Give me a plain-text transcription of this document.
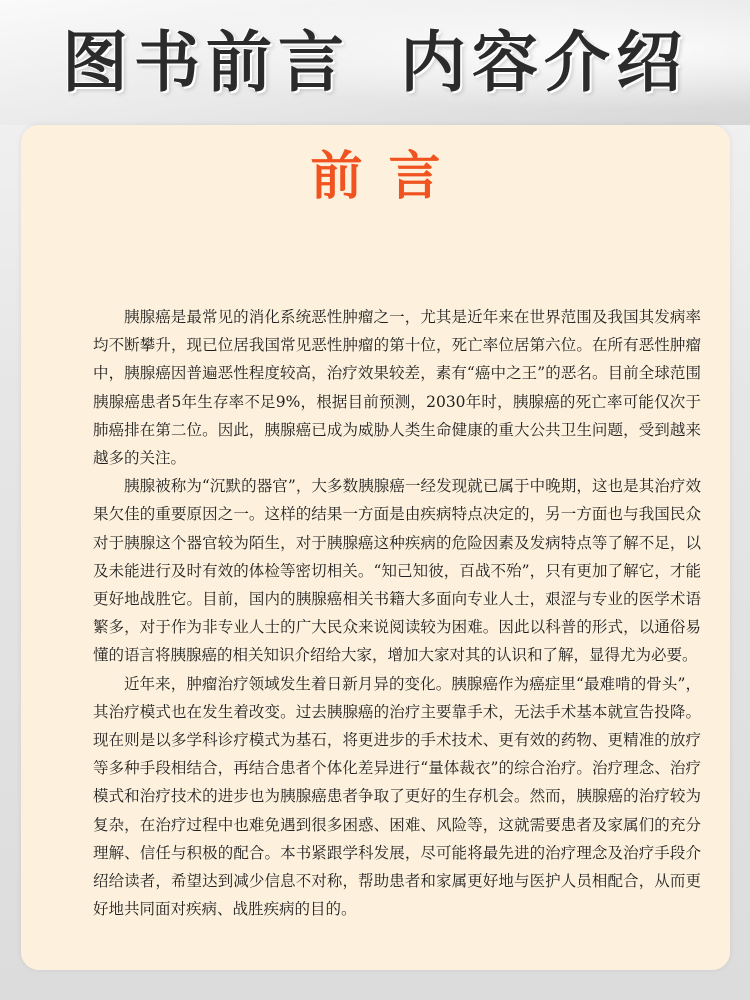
图书前言 内容介绍
前言

胰腺癌是最常见的消化系统恶性肿瘤之一，尤其是近年来在世界范围及我国其发病率均不断攀升，现已位居我国常见恶性肿瘤的第十位，死亡率位居第六位。在所有恶性肿瘤中，胰腺癌因普遍恶性程度较高，治疗效果较差，素有“癌中之王”的恶名。目前全球范围胰腺癌患者5年生存率不足9%，根据目前预测，2030年时，胰腺癌的死亡率可能仅次于肺癌排在第二位。因此，胰腺癌已成为威胁人类生命健康的重大公共卫生问题，受到越来越多的关注。

胰腺被称为“沉默的器官”，大多数胰腺癌一经发现就已属于中晚期，这也是其治疗效果欠佳的重要原因之一。这样的结果一方面是由疾病特点决定的，另一方面也与我国民众对于胰腺这个器官较为陌生，对于胰腺癌这种疾病的危险因素及发病特点等了解不足，以及未能进行及时有效的体检等密切相关。“知己知彼，百战不殆”，只有更加了解它，才能更好地战胜它。目前，国内的胰腺癌相关书籍大多面向专业人士，艰涩与专业的医学术语繁多，对于作为非专业人士的广大民众来说阅读较为困难。因此以科普的形式，以通俗易懂的语言将胰腺癌的相关知识介绍给大家，增加大家对其的认识和了解，显得尤为必要。

近年来，肿瘤治疗领域发生着日新月异的变化。胰腺癌作为癌症里“最难啃的骨头”，其治疗模式也在发生着改变。过去胰腺癌的治疗主要靠手术，无法手术基本就宣告投降。现在则是以多学科诊疗模式为基石，将更进步的手术技术、更有效的药物、更精准的放疗等多种手段相结合，再结合患者个体化差异进行“量体裁衣”的综合治疗。治疗理念、治疗模式和治疗技术的进步也为胰腺癌患者争取了更好的生存机会。然而，胰腺癌的治疗较为复杂，在治疗过程中也难免遇到很多困惑、困难、风险等，这就需要患者及家属们的充分理解、信任与积极的配合。本书紧跟学科发展，尽可能将最先进的治疗理念及治疗手段介绍给读者，希望达到减少信息不对称，帮助患者和家属更好地与医护人员相配合，从而更好地共同面对疾病、战胜疾病的目的。
